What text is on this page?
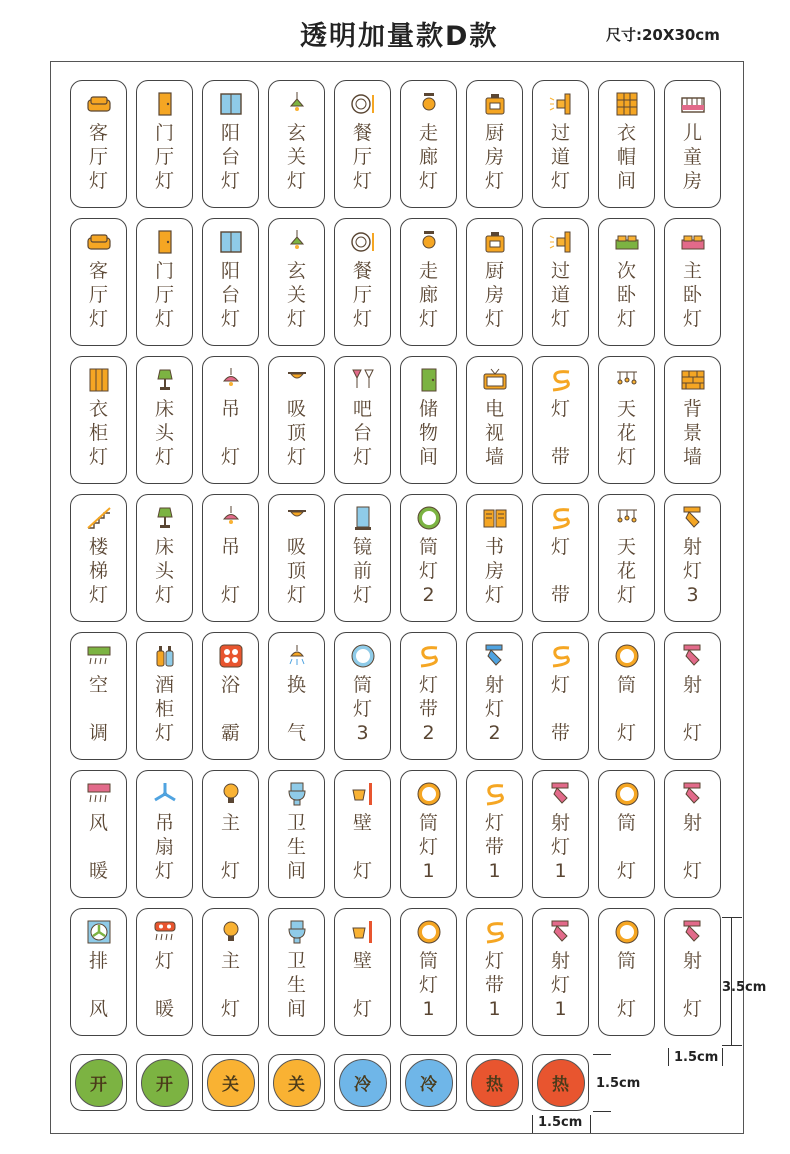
透明加量款D款	尺寸:20X30cm
客
厅
灯
门
厅
灯
阳
台
灯
玄
关
灯
餐
厅
灯
走
廊
灯
厨
房
灯
过
道
灯
衣
帽
间
儿
童
房
客
厅
灯
门
厅
灯
阳
台
灯
玄
关
灯
餐
厅
灯
走
廊
灯
厨
房
灯
过
道
灯
次
卧
灯
主
卧
灯
衣
柜
灯
床
头
灯
吊
灯
吸
顶
灯
吧
台
灯
储
物
间
电
视
墙
灯
带
天
花
灯
背
景
墙
楼
梯
灯
床
头
灯
吊
灯
吸
顶
灯
镜
前
灯
筒
灯
2
书
房
灯
灯
带
天
花
灯
射
灯
3
空
调
酒
柜
灯
浴
霸
换
气
筒
灯
3
灯
带
2
射
灯
2
灯
带
筒
灯
射
灯
风
暖
吊
扇
灯
主
灯
卫
生
间
壁
灯
筒
灯
1
灯
带
1
射
灯
1
筒
灯
射
灯
排
风
灯
暖
主
灯
卫
生
间
壁
灯
筒
灯
1
灯
带
1
射
灯
1
筒
灯
射
灯
开	开	关	关	冷	冷	热	热
3.5cm
1.5cm
1.5cm
1.5cm
